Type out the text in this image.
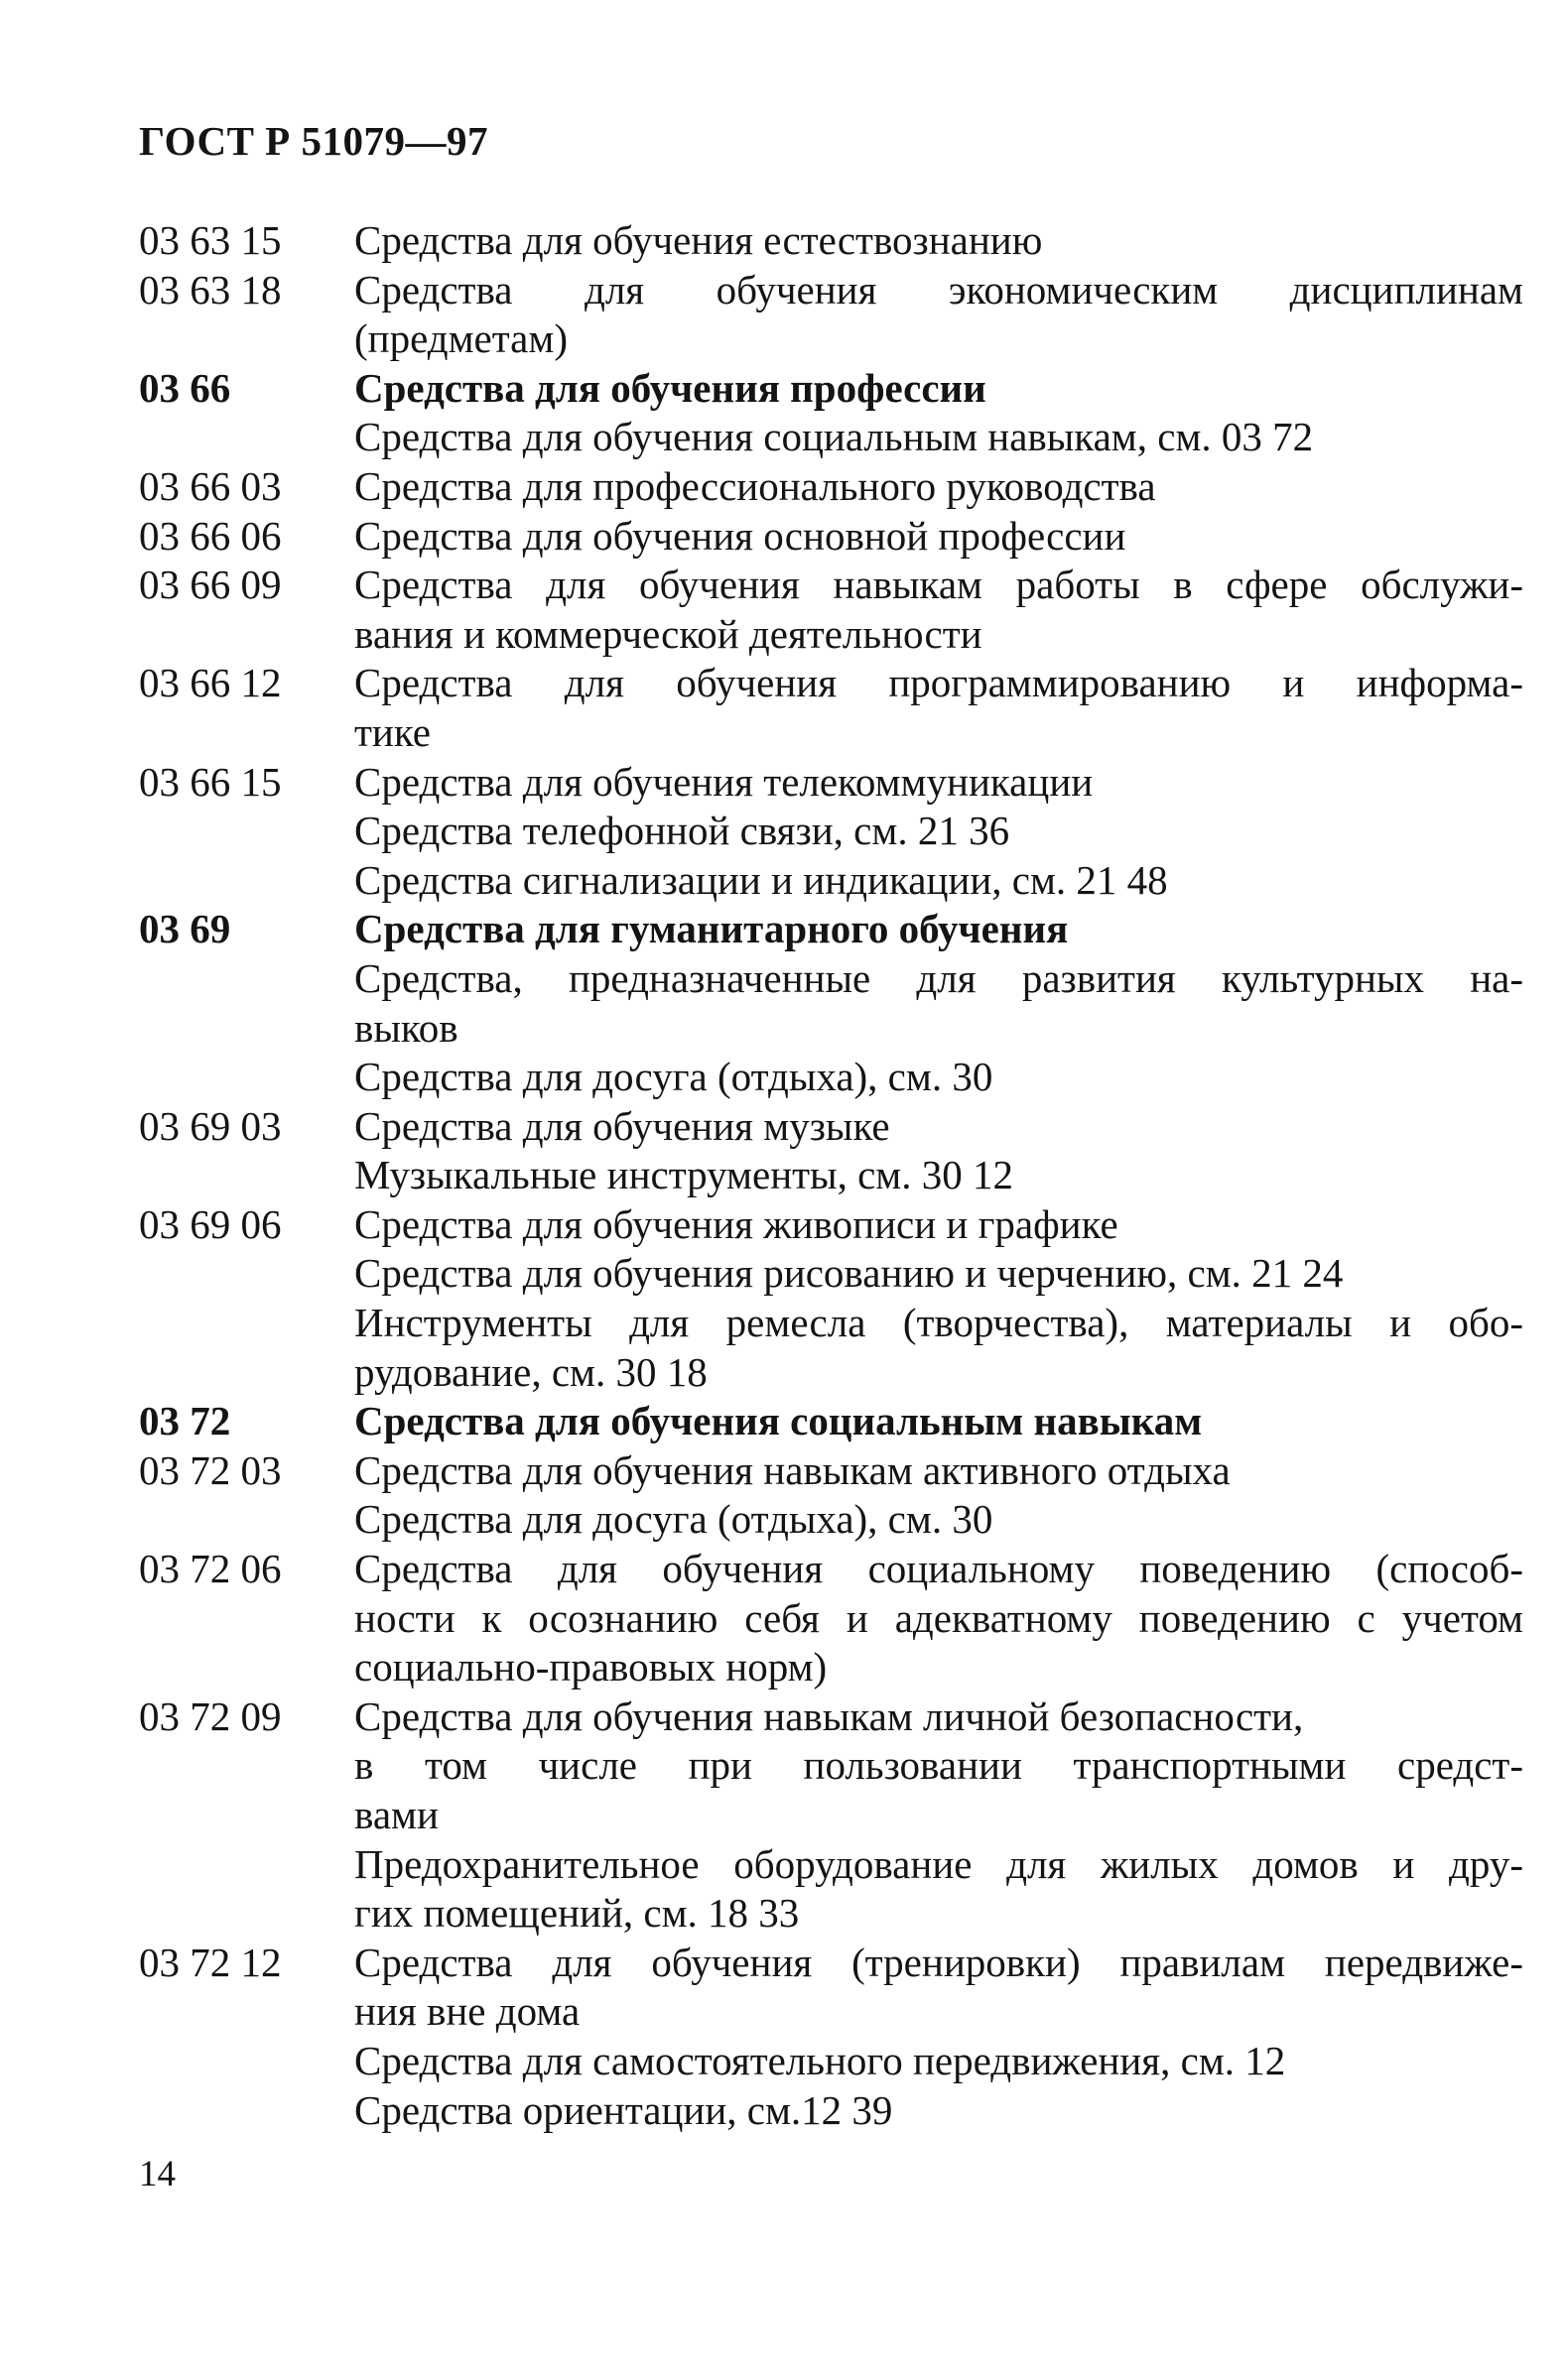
ГОСТ Р 51079—97
03 63 15	Средства для обучения естествознанию
03 63 18	Средства для обучения экономическим дисциплинам
(предметам)
03 66	Средства для обучения профессии
Средства для обучения социальным навыкам, см. 03 72
03 66 03	Средства для профессионального руководства
03 66 06	Средства для обучения основной профессии
03 66 09	Средства для обучения навыкам работы в сфере обслужи-
вания и коммерческой деятельности
03 66 12	Средства для обучения программированию и информа-
тике
03 66 15	Средства для обучения телекоммуникации
Средства телефонной связи, см. 21 36
Средства сигнализации и индикации, см. 21 48
03 69	Средства для гуманитарного обучения
Средства, предназначенные для развития культурных на-
выков
Средства для досуга (отдыха), см. 30
03 69 03	Средства для обучения музыке
Музыкальные инструменты, см. 30 12
03 69 06	Средства для обучения живописи и графике
Средства для обучения рисованию и черчению, см. 21 24
Инструменты для ремесла (творчества), материалы и обо-
рудование, см. 30 18
03 72	Средства для обучения социальным навыкам
03 72 03	Средства для обучения навыкам активного отдыха
Средства для досуга (отдыха), см. 30
03 72 06	Средства для обучения социальному поведению (способ-
ности к осознанию себя и адекватному поведению с учетом
социально-правовых норм)
03 72 09	Средства для обучения навыкам личной безопасности,
в том числе при пользовании транспортными средст-
вами
Предохранительное оборудование для жилых домов и дру-
гих помещений, см. 18 33
03 72 12	Средства для обучения (тренировки) правилам передвиже-
ния вне дома
Средства для самостоятельного передвижения, см. 12
Средства ориентации, см.12 39
14
